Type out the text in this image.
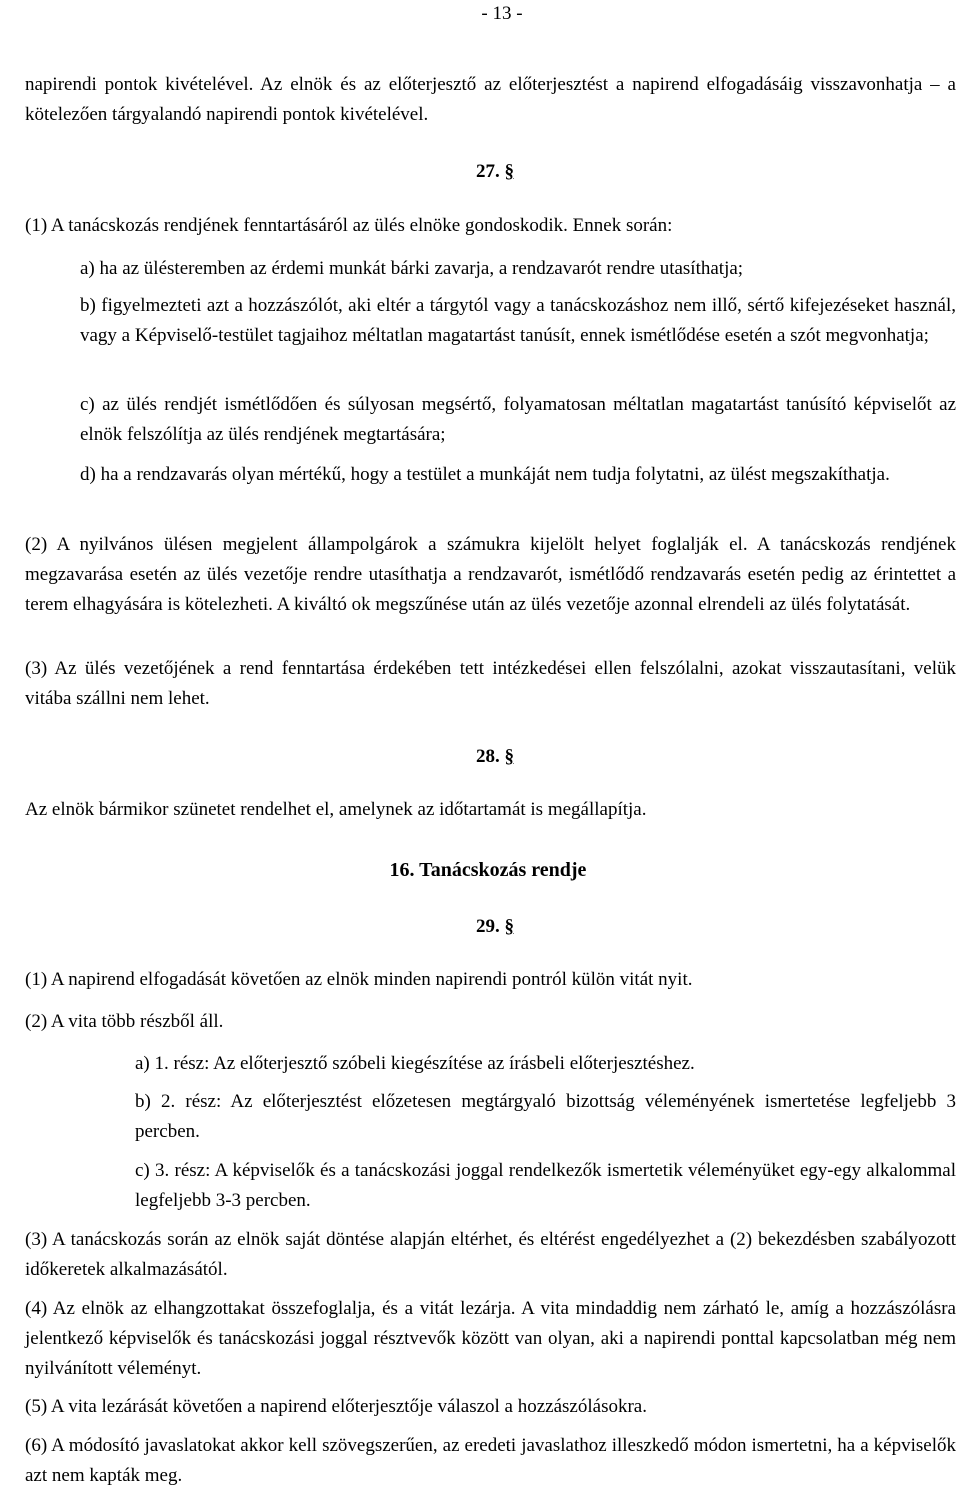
- 13 -

napirendi pontok kivételével. Az elnök és az előterjesztő az előterjesztést a napirend elfogadásáig visszavonhatja – a kötelezően tárgyalandó napirendi pontok kivételével.

27. §

(1) A tanácskozás rendjének fenntartásáról az ülés elnöke gondoskodik. Ennek során:

a) ha az ülésteremben az érdemi munkát bárki zavarja, a rendzavarót rendre utasíthatja;

b) figyelmezteti azt a hozzászólót, aki eltér a tárgytól vagy a tanácskozáshoz nem illő, sértő kifejezéseket használ, vagy a Képviselő-testület tagjaihoz méltatlan magatartást tanúsít, ennek ismétlődése esetén a szót megvonhatja;

c) az ülés rendjét ismétlődően és súlyosan megsértő, folyamatosan méltatlan magatartást tanúsító képviselőt az elnök felszólítja az ülés rendjének megtartására;

d) ha a rendzavarás olyan mértékű, hogy a testület a munkáját nem tudja folytatni, az ülést megszakíthatja.

(2) A nyilvános ülésen megjelent állampolgárok a számukra kijelölt helyet foglalják el. A tanácskozás rendjének megzavarása esetén az ülés vezetője rendre utasíthatja a rendzavarót, ismétlődő rendzavarás esetén pedig az érintettet a terem elhagyására is kötelezheti. A kiváltó ok megszűnése után az ülés vezetője azonnal elrendeli az ülés folytatását.

(3) Az ülés vezetőjének a rend fenntartása érdekében tett intézkedései ellen felszólalni, azokat visszautasítani, velük vitába szállni nem lehet.

28. §

Az elnök bármikor szünetet rendelhet el, amelynek az időtartamát is megállapítja.

16. Tanácskozás rendje
29. §

(1) A napirend elfogadását követően az elnök minden napirendi pontról külön vitát nyit.

(2) A vita több részből áll.

a) 1. rész: Az előterjesztő szóbeli kiegészítése az írásbeli előterjesztéshez.

b) 2. rész: Az előterjesztést előzetesen megtárgyaló bizottság véleményének ismertetése legfeljebb 3 percben.

c) 3. rész: A képviselők és a tanácskozási joggal rendelkezők ismertetik véleményüket egy-egy alkalommal legfeljebb 3-3 percben.

(3) A tanácskozás során az elnök saját döntése alapján eltérhet, és eltérést engedélyezhet a (2) bekezdésben szabályozott időkeretek alkalmazásától.

(4) Az elnök az elhangzottakat összefoglalja, és a vitát lezárja. A vita mindaddig nem zárható le, amíg a hozzászólásra jelentkező képviselők és tanácskozási joggal résztvevők között van olyan, aki a napirendi ponttal kapcsolatban még nem nyilvánított véleményt.

(5) A vita lezárását követően a napirend előterjesztője válaszol a hozzászólásokra.

(6) A módosító javaslatokat akkor kell szövegszerűen, az eredeti javaslathoz illeszkedő módon ismertetni, ha a képviselők azt nem kapták meg.
